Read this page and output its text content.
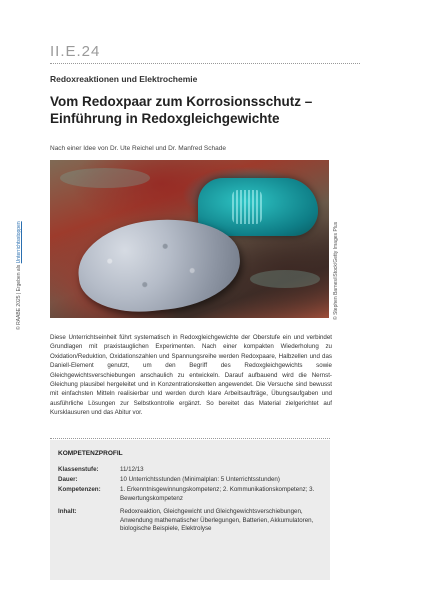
II.E.24
Redoxreaktionen und Elektrochemie
Vom Redoxpaar zum Korrosionsschutz –
Einführung in Redoxgleichgewichte
Nach einer Idee von Dr. Ute Reichel und Dr. Manfred Schade
© RAABE 2025 | Ergeben als Unterrichtsstoppen	© Stephen Barnes/iStock/Getty Images Plus

Diese Unterrichtseinheit führt systematisch in Redoxgleichgewichte der Oberstufe ein und verbindet Grundlagen mit praxistauglichen Experimenten. Nach einer kompakten Wiederholung zu Oxidation/Reduktion, Oxidationszahlen und Spannungsreihe werden Redoxpaare, Halbzellen und das Daniell-Element genutzt, um den Begriff des Redoxgleichgewichts sowie Gleichgewichtsverschiebungen anschaulich zu entwickeln. Darauf aufbauend wird die Nernst-Gleichung plausibel hergeleitet und in Konzentrationsketten angewendet. Die Versuche sind bewusst mit einfachsten Mitteln realisierbar und werden durch klare Arbeitsaufträge, Übungsaufgaben und ausführliche Lösungen zur Selbstkontrolle ergänzt. So bereitet das Material zielgerichtet auf Kursklausuren und das Abitur vor.

KOMPETENZPROFIL
Klassenstufe:	11/12/13
Dauer:	10 Unterrichtsstunden (Minimalplan: 5 Unterrichtsstunden)
Kompetenzen:	1. Erkenntnisgewinnungskompetenz; 2. Kommunikationskompetenz; 3. Bewertungskompetenz
Inhalt:	Redoxreaktion, Gleichgewicht und Gleichgewichtsverschiebungen, Anwendung mathematischer Überlegungen, Batterien, Akkumulatoren, biologische Beispiele, Elektrolyse
